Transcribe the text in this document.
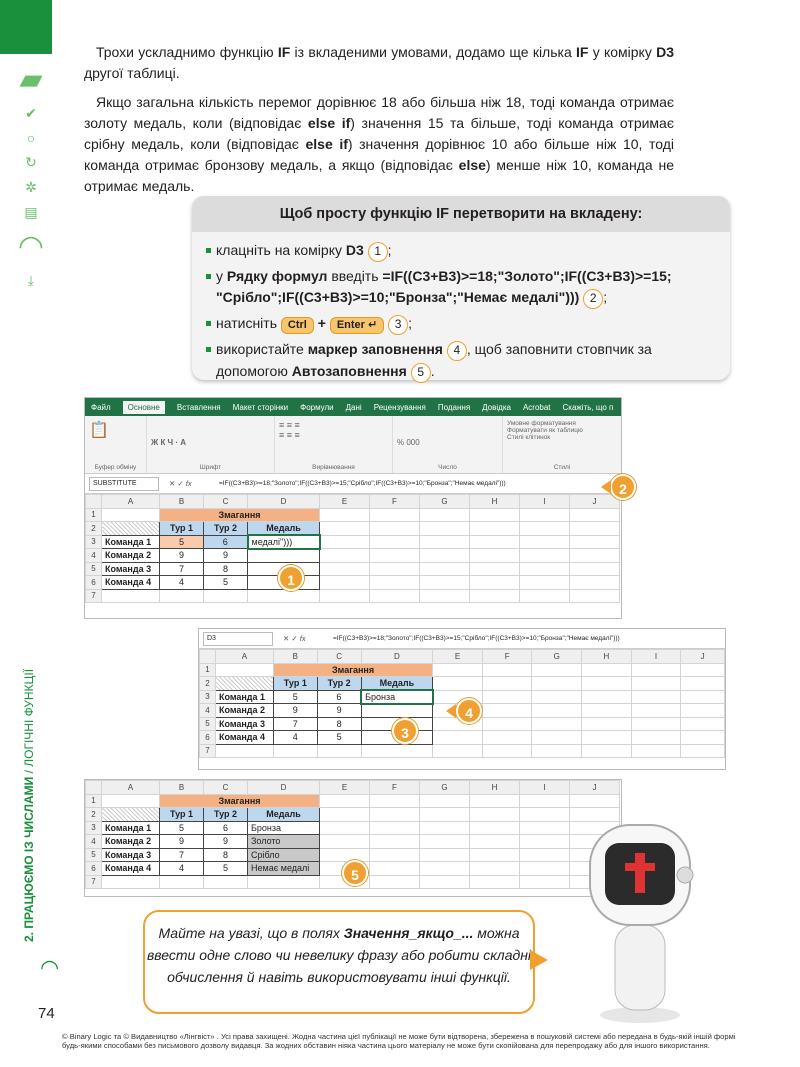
▰
✔
○
↻
✲
▤
◠
⤓
2. ПРАЦЮЄМО ІЗ ЧИСЛАМИ / ЛОГІЧНІ ФУНКЦІЇ
◠
74

Трохи ускладнимо функцію IF із вкладеними умовами, додамо ще кілька IF у комірку D3 другої таблиці.
Якщо загальна кількість перемог дорівнює 18 або більша ніж 18, тоді команда отримає золоту медаль, коли (відповідає else if) значення 15 та більше, тоді команда отримає срібну медаль, коли (відповідає else if) значення дорівнює 10 або більше ніж 10, тоді команда отримає бронзову медаль, а якщо (відповідає else) менше ніж 10, команда не отримає медаль.
Щоб просту функцію IF перетворити на вкладену:
клацніть на комірку D3 1 ;
у Рядку формул введіть =IF((C3+B3)>=18;"Золото";IF((C3+B3)>=15; "Срібло";IF((C3+B3)>=10;"Бронза";"Немає медалі"))) 2 ;
натисніть Ctrl + Enter ↵ 3 ;
використайте маркер заповнення 4 , щоб заповнити стовпчик за допомогою Автозаповнення 5 .
Файл	Основне	Вставлення Макет сторінки Формули Дані Рецензування Подання Довідка Acrobat Скажіть, що п
📋
Буфер обміну
Ж К Ч · A
Шрифт
≡ ≡ ≡
≡ ≡ ≡
Вирівнювання
% 000
Число
Умовне форматування
Форматувати як таблицю
Стилі клітинок
Стилі
SUBSTITUTE	✕ ✓ fx	=IF((C3+B3)>=18;"Золото";IF((C3+B3)>=15;"Срібло";IF((C3+B3)>=10;"Бронза";"Немає медалі")))
	A	B	C	D	E	F	G	H	I	J
1		Змагання								
2		Тур 1	Тур 2	Медаль						
3	Команда 1	5	6	медалі")))						
4	Команда 2	9	9							
5	Команда 3	7	8							
6	Команда 4	4	5							
7										
1
2
D3	✕ ✓ fx	=IF((C3+B3)>=18;"Золото";IF((C3+B3)>=15;"Срібло";IF((C3+B3)>=10;"Бронза";"Немає медалі")))
	A	B	C	D	E	F	G	H	I	J
1		Змагання								
2		Тур 1	Тур 2	Медаль						
3	Команда 1	5	6	Бронза						
4	Команда 2	9	9							
5	Команда 3	7	8							
6	Команда 4	4	5							
7										
3
4
	A	B	C	D	E	F	G	H	I	J
1		Змагання								
2		Тур 1	Тур 2	Медаль						
3	Команда 1	5	6	Бронза						
4	Команда 2	9	9	Золото						
5	Команда 3	7	8	Срібло						
6	Команда 4	4	5	Немає медалі						
7											5
Майте на увазі, що в полях Значення_якщо_... можна ввести одне слово чи невелику фразу або робити складні обчислення й навіть використовувати інші функції.
© Binary Logic та © Видавництво «Лінгвіст» . Усі права захищені. Жодна частина цієї публікації не може бути відтворена, збережена в пошуковій системі або передана в будь-якій іншій формі будь-якими способами без письмового дозволу видавця. За жодних обставин ніяка частина цього матеріалу не може бути скопійована для перепродажу або для іншого використання.
